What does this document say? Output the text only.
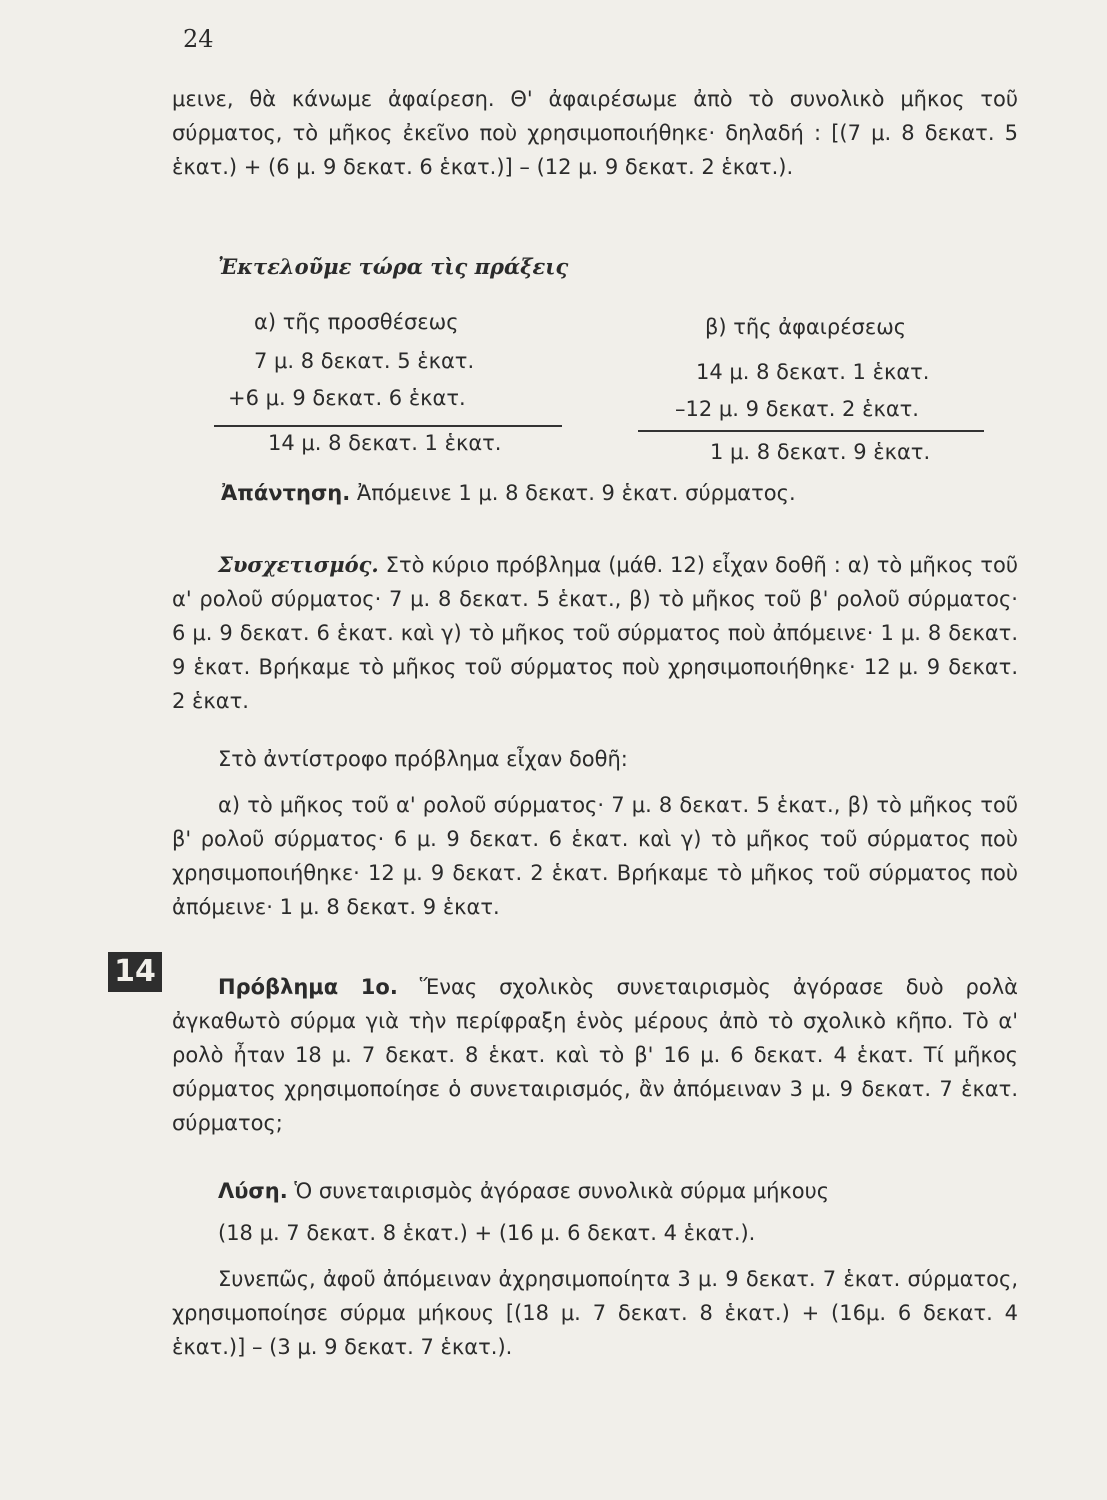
24

μεινε, θὰ κάνωμε ἀφαίρεση. Θ' ἀφαιρέσωμε ἀπὸ τὸ συνολικὸ μῆκος τοῦ σύρματος, τὸ μῆκος ἐκεῖνο ποὺ χρησιμοποιήθηκε· δηλαδή : [(7 μ. 8 δεκατ. 5 ἑκατ.) + (6 μ. 9 δεκατ. 6 ἑκατ.)] – (12 μ. 9 δεκατ. 2 ἑκατ.).

Ἐκτελοῦμε τώρα τὶς πράξεις
α) τῆς προσθέσεως
7 μ. 8 δεκατ. 5 ἑκατ.
+6 μ. 9 δεκατ. 6 ἑκατ.
14 μ. 8 δεκατ. 1 ἑκατ.
β) τῆς ἀφαιρέσεως
14 μ. 8 δεκατ. 1 ἑκατ.
–12 μ. 9 δεκατ. 2 ἑκατ.
1 μ. 8 δεκατ. 9 ἑκατ.
Ἀπάντηση. Ἀπόμεινε 1 μ. 8 δεκατ. 9 ἑκατ. σύρματος.

Συσχετισμός. Στὸ κύριο πρόβλημα (μάθ. 12) εἶχαν δοθῆ : α) τὸ μῆκος τοῦ α' ρολοῦ σύρματος· 7 μ. 8 δεκατ. 5 ἑκατ., β) τὸ μῆκος τοῦ β' ρολοῦ σύρματος· 6 μ. 9 δεκατ. 6 ἑκατ. καὶ γ) τὸ μῆκος τοῦ σύρματος ποὺ ἀπόμεινε· 1 μ. 8 δεκατ. 9 ἑκατ. Βρήκαμε τὸ μῆκος τοῦ σύρματος ποὺ χρησιμοποιήθηκε· 12 μ. 9 δεκατ. 2 ἑκατ.

Στὸ ἀντίστροφο πρόβλημα εἶχαν δοθῆ:

α) τὸ μῆκος τοῦ α' ρολοῦ σύρματος· 7 μ. 8 δεκατ. 5 ἑκατ., β) τὸ μῆκος τοῦ β' ρολοῦ σύρματος· 6 μ. 9 δεκατ. 6 ἑκατ. καὶ γ) τὸ μῆκος τοῦ σύρματος ποὺ χρησιμοποιήθηκε· 12 μ. 9 δεκατ. 2 ἑκατ. Βρήκαμε τὸ μῆκος τοῦ σύρματος ποὺ ἀπόμεινε· 1 μ. 8 δεκατ. 9 ἑκατ.

14	Πρόβλημα 1ο. Ἕνας σχολικὸς συνεταιρισμὸς ἀγόρασε δυὸ ρολὰ ἀγκαθωτὸ σύρμα γιὰ τὴν περίφραξη ἑνὸς μέρους ἀπὸ τὸ σχολικὸ κῆπο. Τὸ α' ρολὸ ἦταν 18 μ. 7 δεκατ. 8 ἑκατ. καὶ τὸ β' 16 μ. 6 δεκατ. 4 ἑκατ. Τί μῆκος σύρματος χρησιμοποίησε ὁ συνεταιρισμός, ἂν ἀπόμειναν 3 μ. 9 δεκατ. 7 ἑκατ. σύρματος;

Λύση. Ὁ συνεταιρισμὸς ἀγόρασε συνολικὰ σύρμα μήκους

(18 μ. 7 δεκατ. 8 ἑκατ.) + (16 μ. 6 δεκατ. 4 ἑκατ.).

Συνεπῶς, ἀφοῦ ἀπόμειναν ἀχρησιμοποίητα 3 μ. 9 δεκατ. 7 ἑκατ. σύρματος, χρησιμοποίησε σύρμα μήκους [(18 μ. 7 δεκατ. 8 ἑκατ.) + (16μ. 6 δεκατ. 4 ἑκατ.)] – (3 μ. 9 δεκατ. 7 ἑκατ.).
